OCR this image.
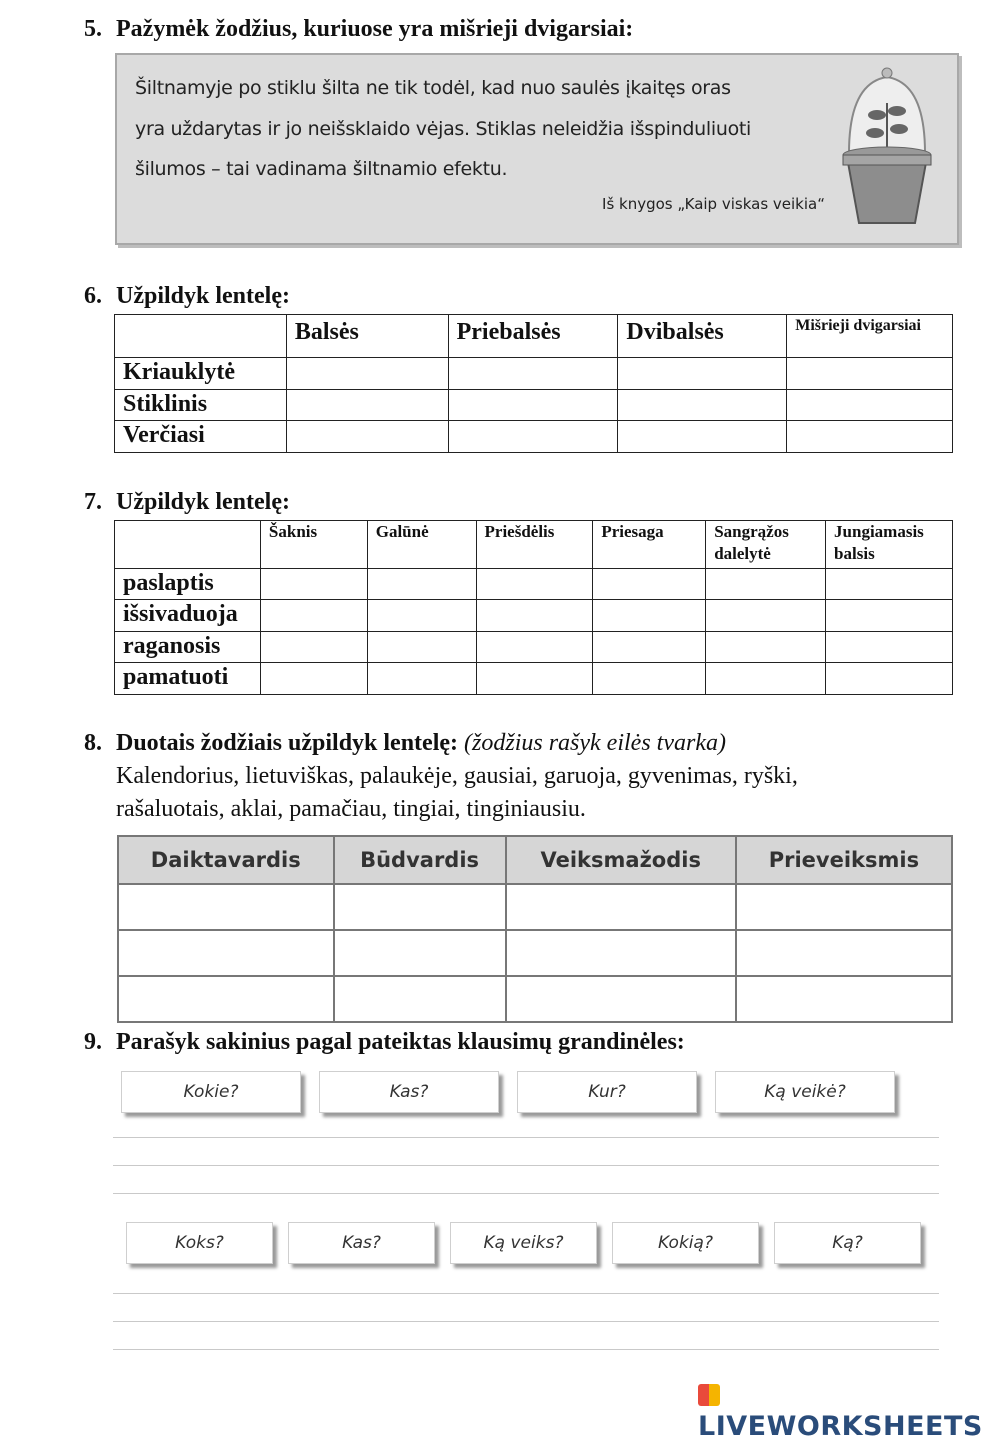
5. Pažymėk žodžius, kuriuose yra mišrieji dvigarsiai:
Šiltnamyje po stiklu šilta ne tik todėl, kad nuo saulės įkaitęs oras
yra uždarytas ir jo neišsklaido vėjas. Stiklas neleidžia išspinduliuoti
šilumos – tai vadinama šiltnamio efektu.
Iš knygos „Kaip viskas veikia“
6. Užpildyk lentelę:
	Balsės	Priebalsės	Dvibalsės	Mišrieji dvigarsiai
Kriauklytė				
Stiklinis				
Verčiasi				
7. Užpildyk lentelę:
	Šaknis	Galūnė	Priešdėlis	Priesaga	Sangrąžos dalelytė	Jungiamasis balsis
paslaptis						
išsivaduoja						
raganosis						
pamatuoti						
8. Duotais žodžiais užpildyk lentelę: (žodžius rašyk eilės tvarka)
Kalendorius, lietuviškas, palaukėje, gausiai, garuoja, gyvenimas, ryški,
rašaluotais, aklai, pamačiau, tingiai, tinginiausiu.
Daiktavardis	Būdvardis	Veiksmažodis	Prieveiksmis

9. Parašyk sakinius pagal pateiktas klausimų grandinėles:
Kokie?	Kas?	Kur?	Ką veikė?
Koks?	Kas?	Ką veiks?	Kokią?	Ką?
LIVEWORKSHEETS
